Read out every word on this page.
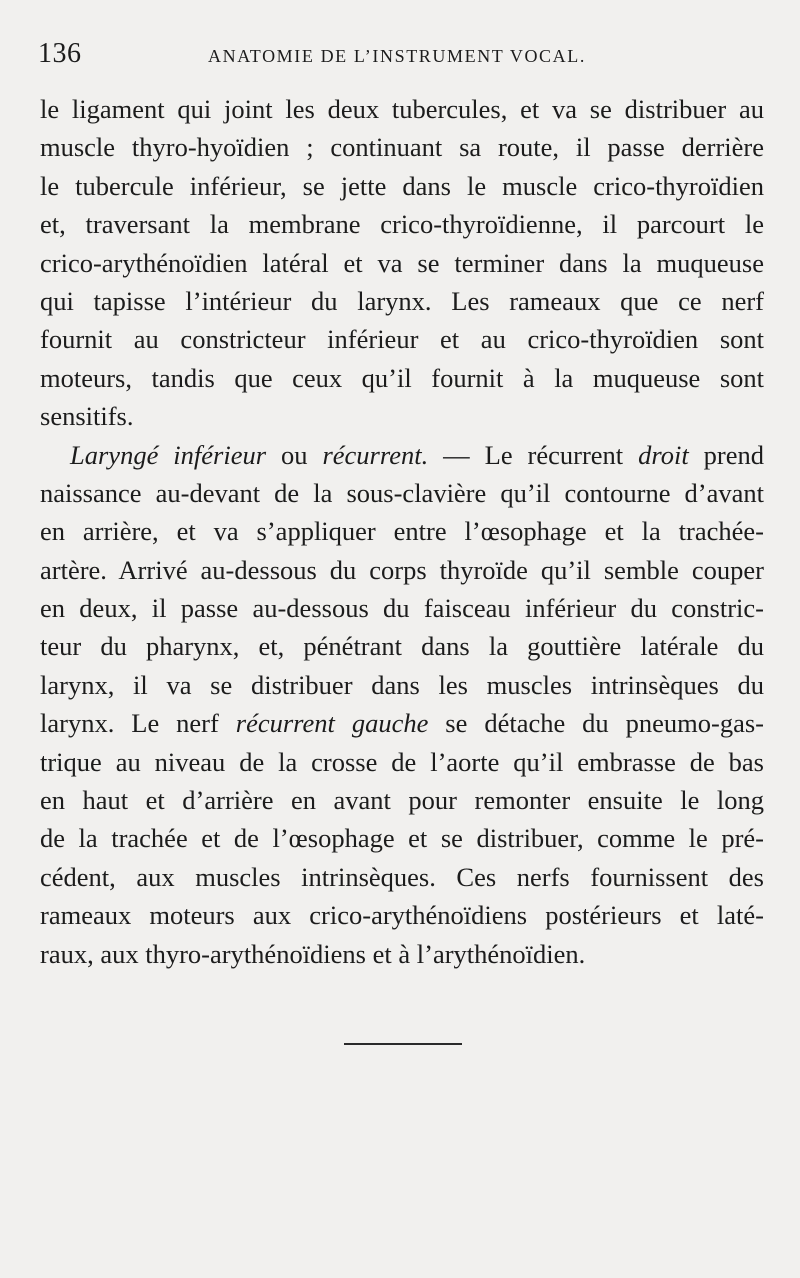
136	ANATOMIE DE L’INSTRUMENT VOCAL.
le ligament qui joint les deux tubercules, et va se distribuer au
muscle thyro-hyoïdien ; continuant sa route, il passe derrière
le tubercule inférieur, se jette dans le muscle crico-thyroïdien
et, traversant la membrane crico-thyroïdienne, il parcourt le
crico-arythénoïdien latéral et va se terminer dans la muqueuse
qui tapisse l’intérieur du larynx. Les rameaux que ce nerf
fournit au constricteur inférieur et au crico-thyroïdien sont
moteurs, tandis que ceux qu’il fournit à la muqueuse sont
sensitifs.
Laryngé inférieur ou récurrent. — Le récurrent droit prend
naissance au-devant de la sous-clavière qu’il contourne d’avant
en arrière, et va s’appliquer entre l’œsophage et la trachée-
artère. Arrivé au-dessous du corps thyroïde qu’il semble couper
en deux, il passe au-dessous du faisceau inférieur du constric-
teur du pharynx, et, pénétrant dans la gouttière latérale du
larynx, il va se distribuer dans les muscles intrinsèques du
larynx. Le nerf récurrent gauche se détache du pneumo-gas-
trique au niveau de la crosse de l’aorte qu’il embrasse de bas
en haut et d’arrière en avant pour remonter ensuite le long
de la trachée et de l’œsophage et se distribuer, comme le pré-
cédent, aux muscles intrinsèques. Ces nerfs fournissent des
rameaux moteurs aux crico-arythénoïdiens postérieurs et laté-
raux, aux thyro-arythénoïdiens et à l’arythénoïdien.
